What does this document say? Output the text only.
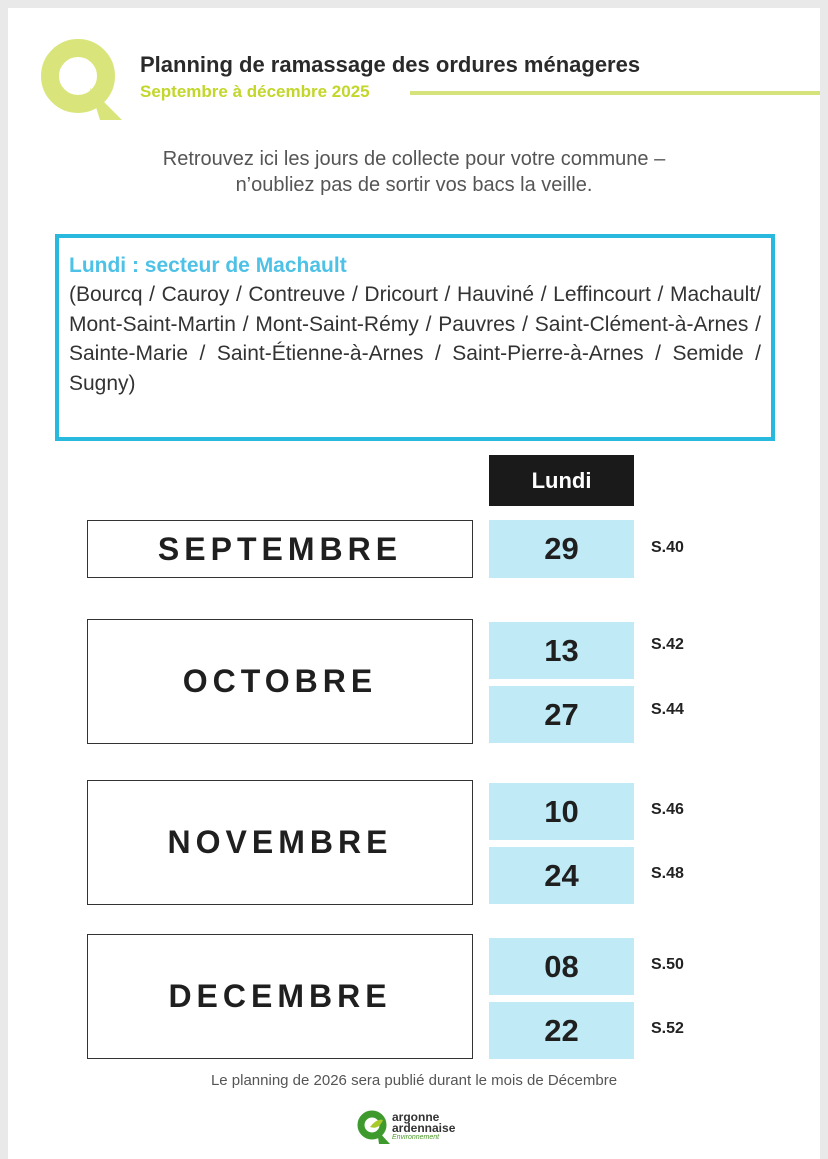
Planning de ramassage des ordures ménageres
Septembre à décembre 2025
Retrouvez ici les jours de collecte pour votre commune –
n’oubliez pas de sortir vos bacs la veille.
Lundi : secteur de Machault
(Bourcq / Cauroy / Contreuve / Dricourt / Hauviné / Leffincourt / Machault/ Mont-Saint-Martin / Mont-Saint-Rémy / Pauvres / Saint-Clément-à-Arnes / Sainte-Marie / Saint-Étienne-à-Arnes / Saint-Pierre-à-Arnes / Semide / Sugny)
Lundi
SEPTEMBRE	29	S.40
OCTOBRE
13	S.42
27	S.44
NOVEMBRE
10	S.46
24	S.48
DECEMBRE
08	S.50
22	S.52
Le planning de 2026 sera publié durant le mois de Décembre
argonne
ardennaise
Environnement
